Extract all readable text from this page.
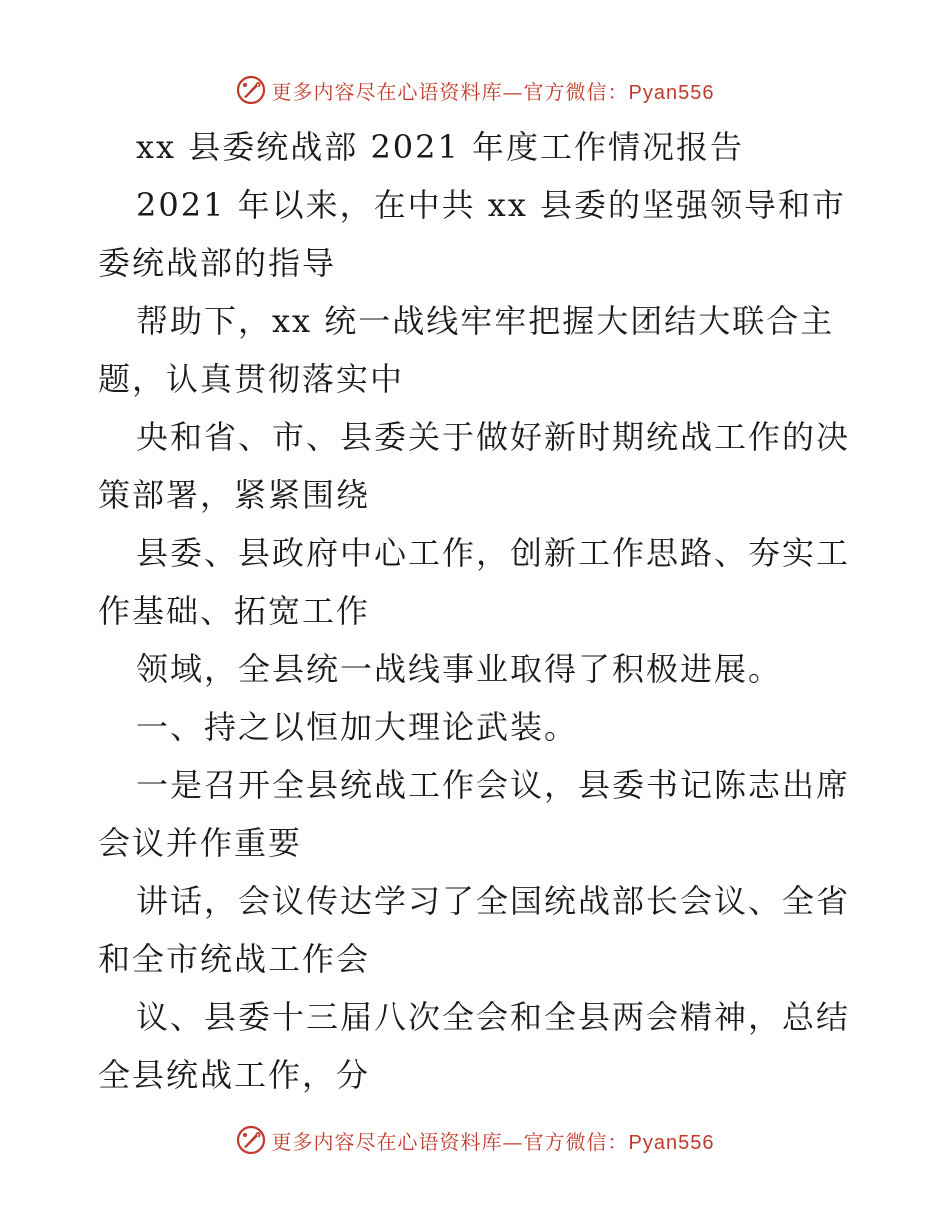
更多内容尽在心语资料库—官方微信：Pyan556
xx 县委统战部 2021 年度工作情况报告
2021 年以来，在中共 xx 县委的坚强领导和市
委统战部的指导
帮助下，xx 统一战线牢牢把握大团结大联合主
题，认真贯彻落实中
央和省、市、县委关于做好新时期统战工作的决
策部署，紧紧围绕
县委、县政府中心工作，创新工作思路、夯实工
作基础、拓宽工作
领域，全县统一战线事业取得了积极进展。
一、持之以恒加大理论武装。
一是召开全县统战工作会议，县委书记陈志出席
会议并作重要
讲话，会议传达学习了全国统战部长会议、全省
和全市统战工作会
议、县委十三届八次全会和全县两会精神，总结
全县统战工作，分
更多内容尽在心语资料库—官方微信：Pyan556
